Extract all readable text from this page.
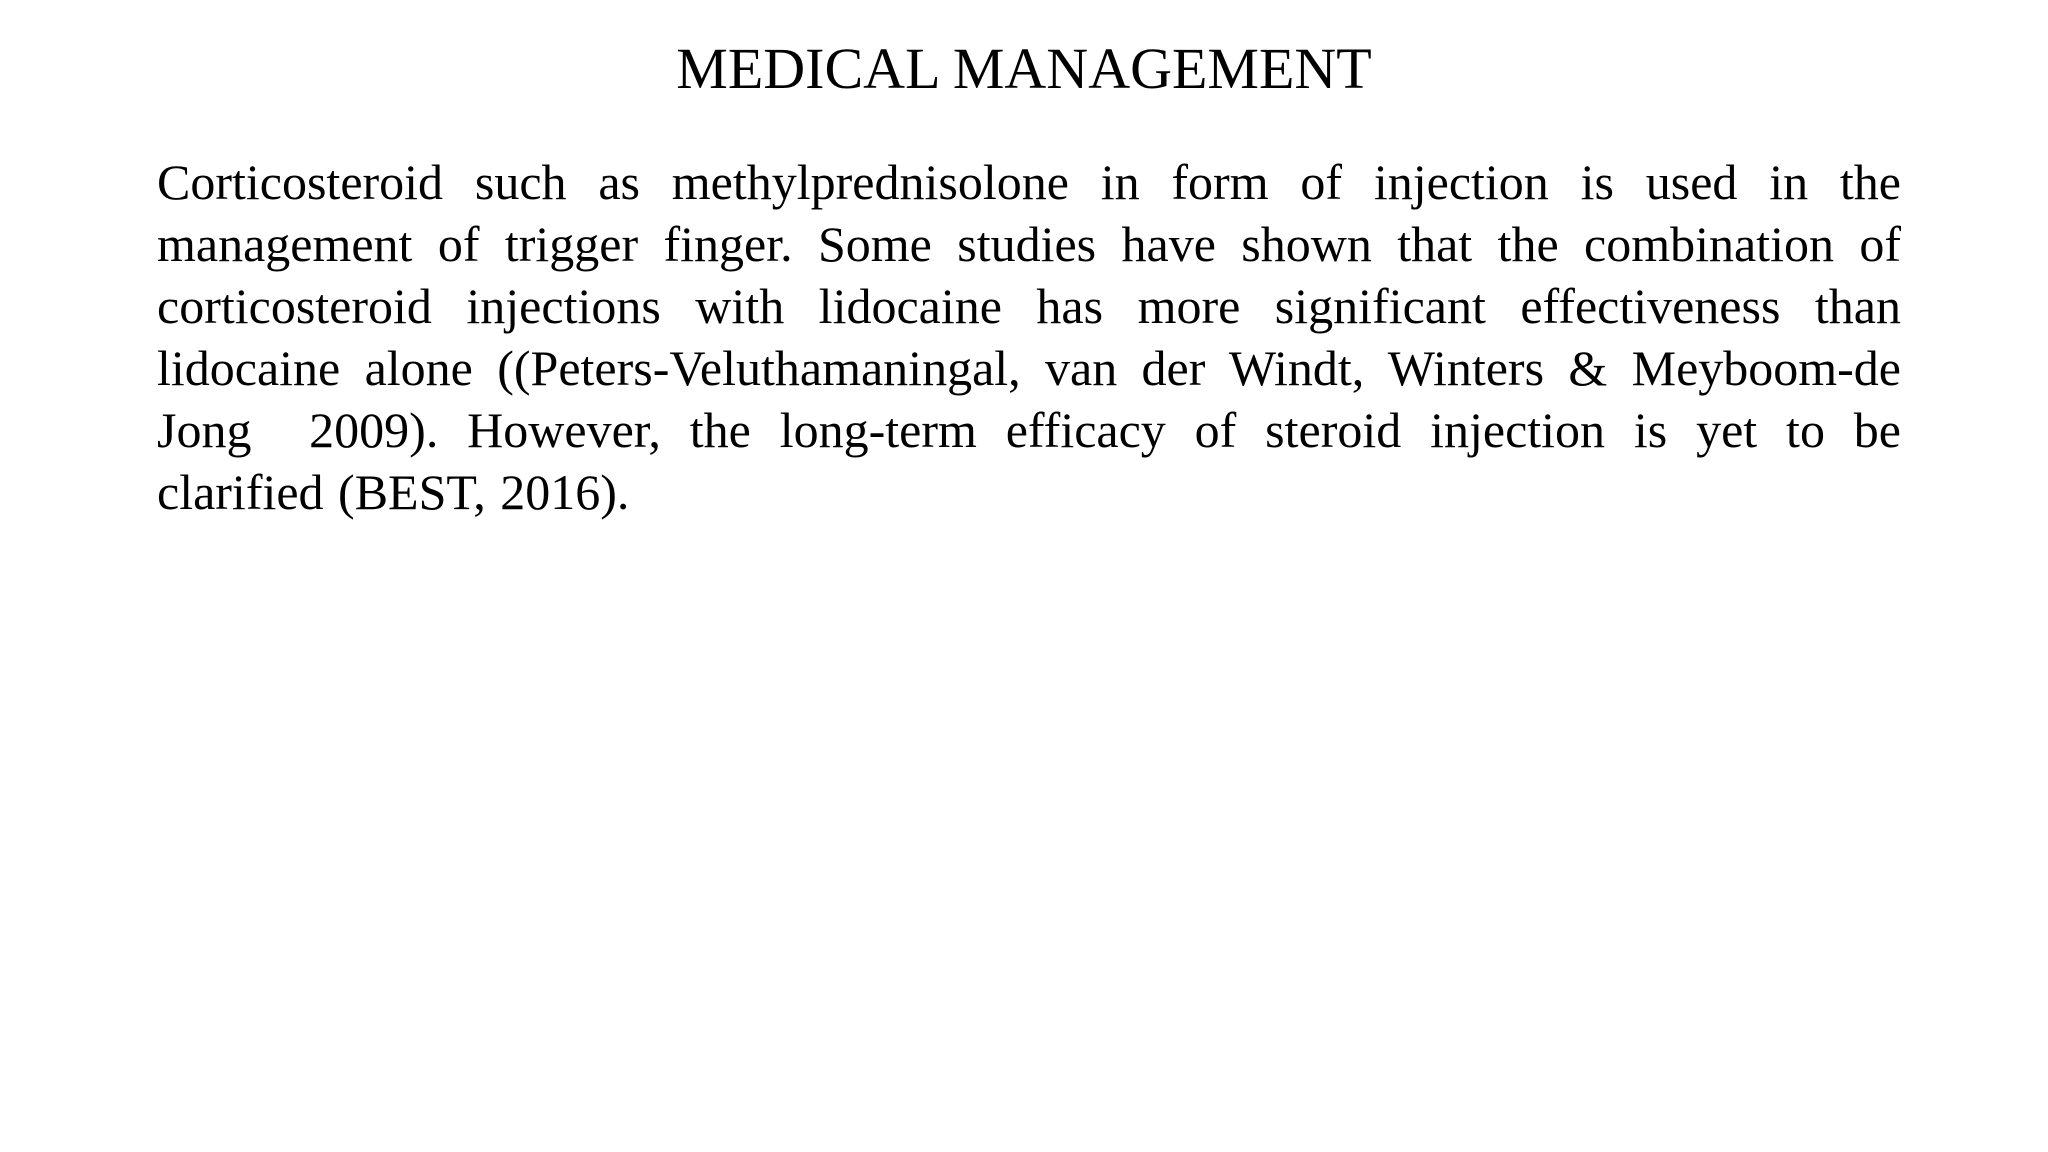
MEDICAL MANAGEMENT
Corticosteroid such as methylprednisolone in form of injection is used in the
management of trigger finger. Some studies have shown that the combination of
corticosteroid injections with lidocaine has more significant effectiveness than
lidocaine alone ((Peters-Veluthamaningal, van der Windt, Winters & Meyboom-de
Jong  2009). However, the long-term efficacy of steroid injection is yet to be
clarified (BEST, 2016).
